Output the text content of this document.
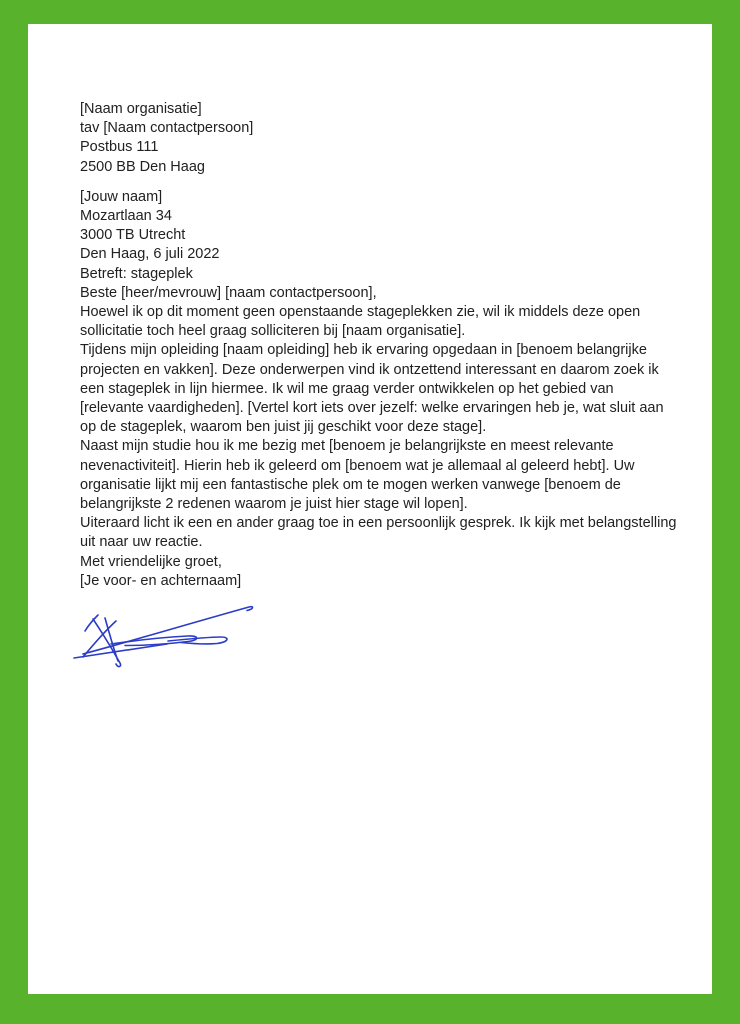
[Naam organisatie]
tav [Naam contactpersoon]
Postbus 111
2500 BB Den Haag
[Jouw naam]
Mozartlaan 34
3000 TB Utrecht

Den Haag, 6 juli 2022

Betreft: stageplek

Beste [heer/mevrouw] [naam contactpersoon],

Hoewel ik op dit moment geen openstaande stageplekken zie, wil ik middels deze open sollicitatie toch heel graag solliciteren bij [naam organisatie].

Tijdens mijn opleiding [naam opleiding] heb ik ervaring opgedaan in [benoem belangrijke projecten en vakken]. Deze onderwerpen vind ik ontzettend interessant en daarom zoek ik een stageplek in lijn hiermee. Ik wil me graag verder ontwikkelen op het gebied van [relevante vaardigheden]. [Vertel kort iets over jezelf: welke ervaringen heb je, wat sluit aan op de stageplek, waarom ben juist jij geschikt voor deze stage].

Naast mijn studie hou ik me bezig met [benoem je belangrijkste en meest relevante nevenactiviteit]. Hierin heb ik geleerd om [benoem wat je allemaal al geleerd hebt]. Uw organisatie lijkt mij een fantastische plek om te mogen werken vanwege [benoem de belangrijkste 2 redenen waarom je juist hier stage wil lopen].

Uiteraard licht ik een en ander graag toe in een persoonlijk gesprek. Ik kijk met belangstelling uit naar uw reactie.

Met vriendelijke groet,

[Je voor- en achternaam]
